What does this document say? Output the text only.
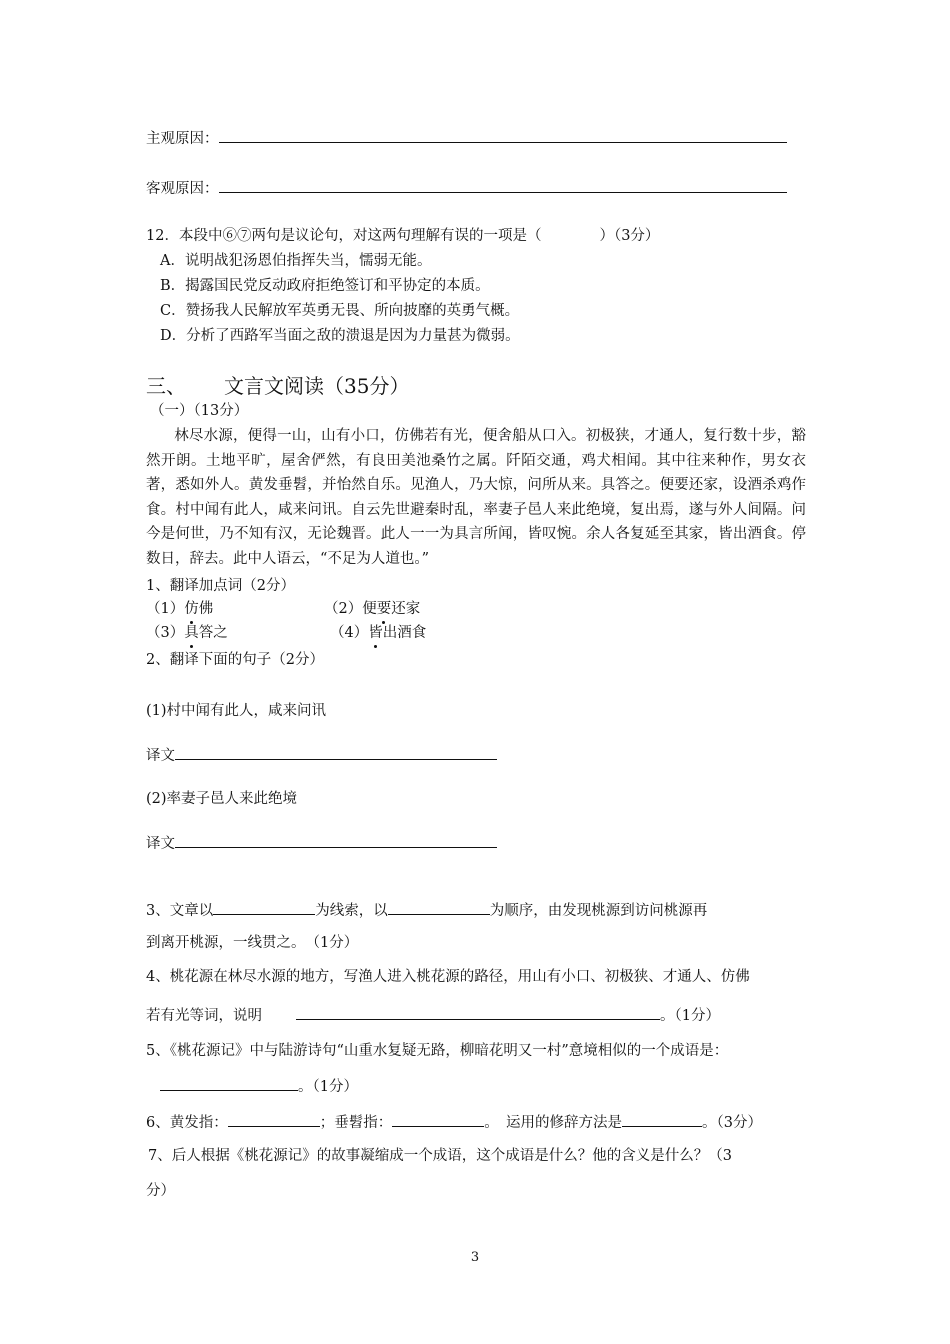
主观原因：
客观原因：
12．本段中⑥⑦两句是议论句，对这两句理解有误的一项是（　　　　）（3分）
A．说明战犯汤恩伯指挥失当，懦弱无能。
B．揭露国民党反动政府拒绝签订和平协定的本质。
C．赞扬我人民解放军英勇无畏、所向披靡的英勇气概。
D．分析了西路军当面之敌的溃退是因为力量甚为微弱。
三、 文言文阅读（35分）
（一）（13分）
林尽水源，便得一山，山有小口，仿佛若有光，便舍船从口入。初极狭，才通人，复行数十步，豁然开朗。土地平旷，屋舍俨然，有良田美池桑竹之属。阡陌交通，鸡犬相闻。其中往来种作，男女衣著，悉如外人。黄发垂髫，并怡然自乐。见渔人，乃大惊，问所从来。具答之。便要还家，设酒杀鸡作食。村中闻有此人，咸来问讯。自云先世避秦时乱，率妻子邑人来此绝境，复出焉，遂与外人间隔。问今是何世，乃不知有汉，无论魏晋。此人一一为具言所闻，皆叹惋。余人各复延至其家，皆出酒食。停数日，辞去。此中人语云，“不足为人道也。”
1、翻译加点词（2分）
（1）仿佛	（2）便要还家
（3）具答之	（4）皆出酒食
2、翻译下面的句子（2分）
(1)村中闻有此人，咸来问讯
译文
(2)率妻子邑人来此绝境
译文
3、文章以	为线索，以	为顺序，由发现桃源到访问桃源再
到离开桃源，一线贯之。　（1分）
4、桃花源在林尽水源的地方，写渔人进入桃花源的路径，用山有小口、初极狭、才通人、仿佛
若有光等词，说明	。（1分）
5、《桃花源记》中与陆游诗句“山重水复疑无路，柳暗花明又一村”意境相似的一个成语是：
。（1分）
6、黄发指：	；垂髫指：	。　运用的修辞方法是	。（3分）
7、后人根据《桃花源记》的故事凝缩成一个成语，这个成语是什么？他的含义是什么？（3
分）
3
